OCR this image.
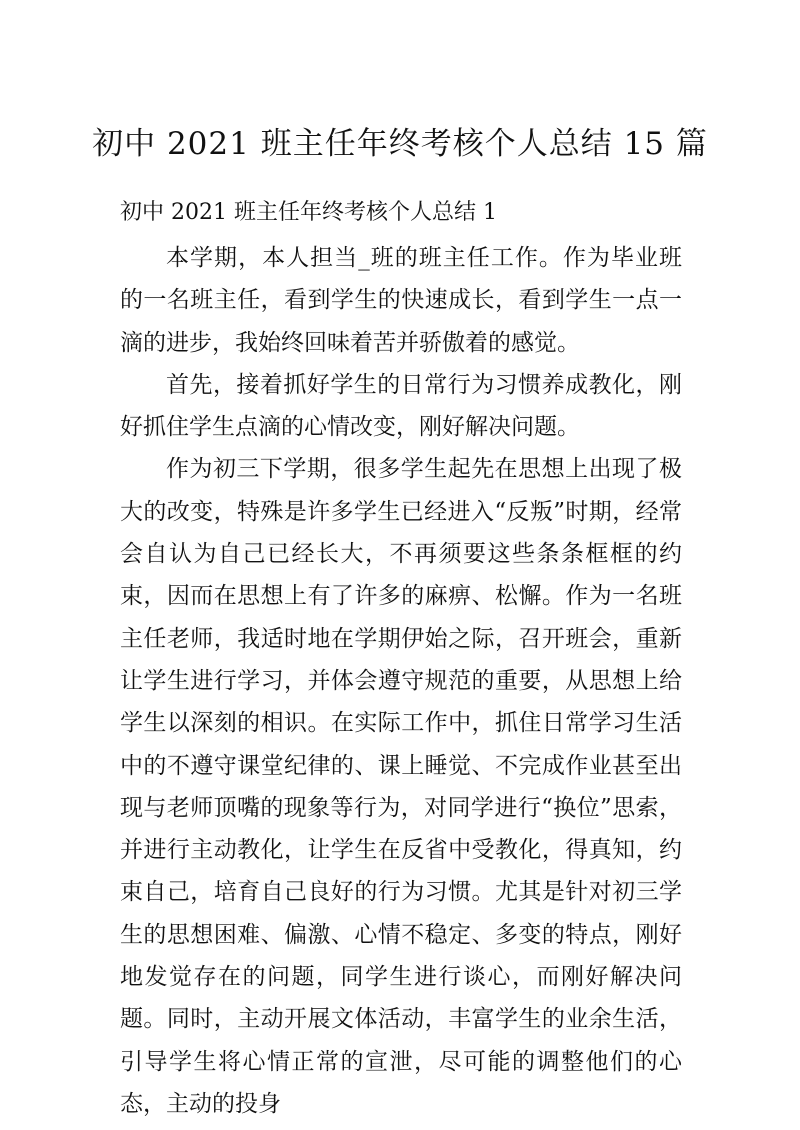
初中 2021 班主任年终考核个人总结 15 篇
初中 2021 班主任年终考核个人总结 1

本学期，本人担当_班的班主任工作。作为毕业班的一名班主任，看到学生的快速成长，看到学生一点一滴的进步，我始终回味着苦并骄傲着的感觉。

首先，接着抓好学生的日常行为习惯养成教化，刚好抓住学生点滴的心情改变，刚好解决问题。

作为初三下学期，很多学生起先在思想上出现了极大的改变，特殊是许多学生已经进入“反叛”时期，经常会自认为自己已经长大，不再须要这些条条框框的约束，因而在思想上有了许多的麻痹、松懈。作为一名班主任老师，我适时地在学期伊始之际，召开班会，重新让学生进行学习，并体会遵守规范的重要，从思想上给学生以深刻的相识。在实际工作中，抓住日常学习生活中的不遵守课堂纪律的、课上睡觉、不完成作业甚至出现与老师顶嘴的现象等行为，对同学进行“换位”思索，并进行主动教化，让学生在反省中受教化，得真知，约束自己，培育自己良好的行为习惯。尤其是针对初三学生的思想困难、偏激、心情不稳定、多变的特点，刚好地发觉存在的问题，同学生进行谈心，而刚好解决问题。同时，主动开展文体活动，丰富学生的业余生活，引导学生将心情正常的宣泄，尽可能的调整他们的心态，主动的投身
